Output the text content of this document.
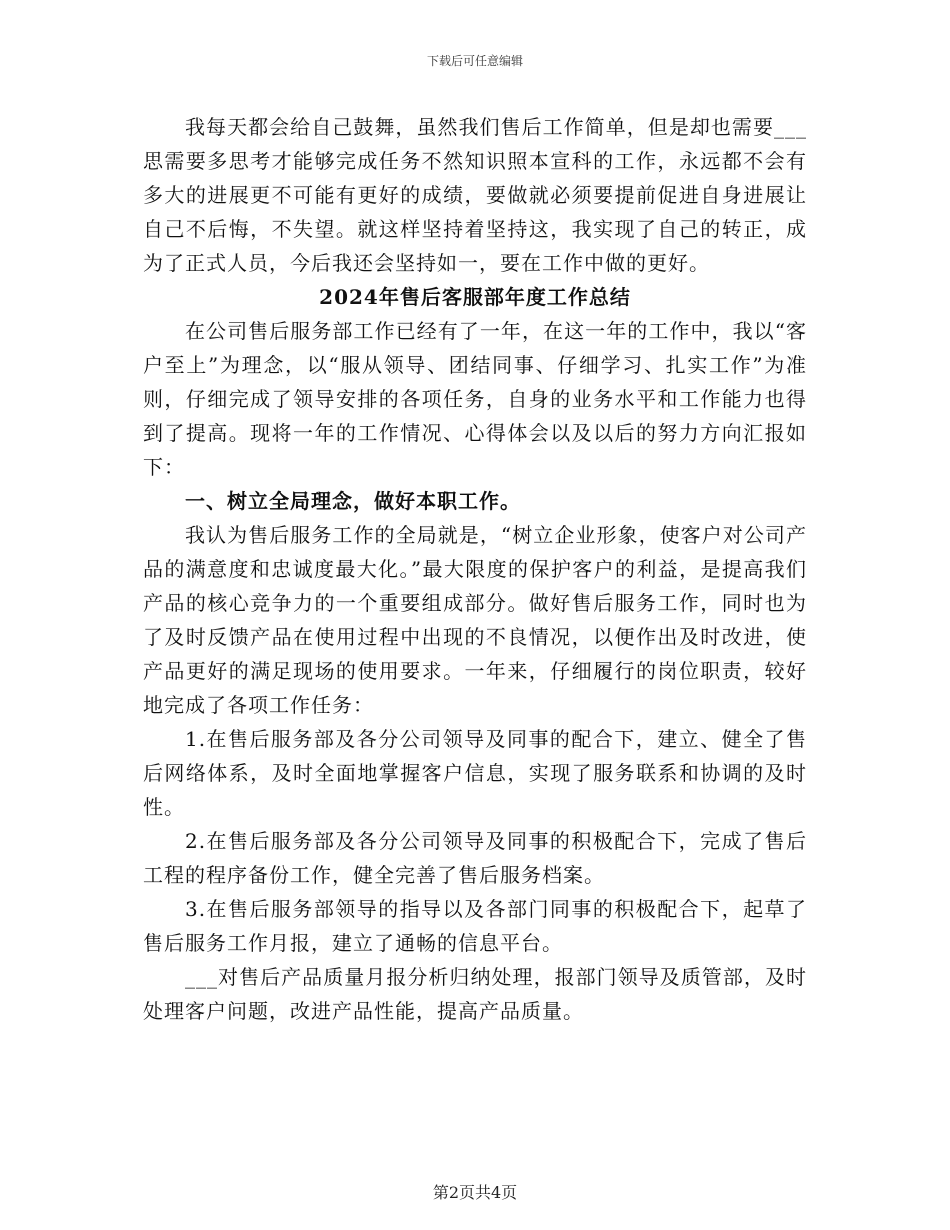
下载后可任意编辑

我每天都会给自己鼓舞，虽然我们售后工作简单，但是却也需要___思需要多思考才能够完成任务不然知识照本宣科的工作，永远都不会有多大的进展更不可能有更好的成绩，要做就必须要提前促进自身进展让自己不后悔，不失望。就这样坚持着坚持这，我实现了自己的转正，成为了正式人员，今后我还会坚持如一，要在工作中做的更好。

2024年售后客服部年度工作总结

在公司售后服务部工作已经有了一年，在这一年的工作中，我以“客户至上”为理念，以“服从领导、团结同事、仔细学习、扎实工作”为准则，仔细完成了领导安排的各项任务，自身的业务水平和工作能力也得到了提高。现将一年的工作情况、心得体会以及以后的努力方向汇报如下：

一、树立全局理念，做好本职工作。

我认为售后服务工作的全局就是，“树立企业形象，使客户对公司产品的满意度和忠诚度最大化。”最大限度的保护客户的利益，是提高我们产品的核心竞争力的一个重要组成部分。做好售后服务工作，同时也为了及时反馈产品在使用过程中出现的不良情况，以便作出及时改进，使产品更好的满足现场的使用要求。一年来，仔细履行的岗位职责，较好地完成了各项工作任务：

1.在售后服务部及各分公司领导及同事的配合下，建立、健全了售后网络体系，及时全面地掌握客户信息，实现了服务联系和协调的及时性。

2.在售后服务部及各分公司领导及同事的积极配合下，完成了售后工程的程序备份工作，健全完善了售后服务档案。

3.在售后服务部领导的指导以及各部门同事的积极配合下，起草了售后服务工作月报，建立了通畅的信息平台。

___对售后产品质量月报分析归纳处理，报部门领导及质管部，及时处理客户问题，改进产品性能，提高产品质量。

第2页共4页
